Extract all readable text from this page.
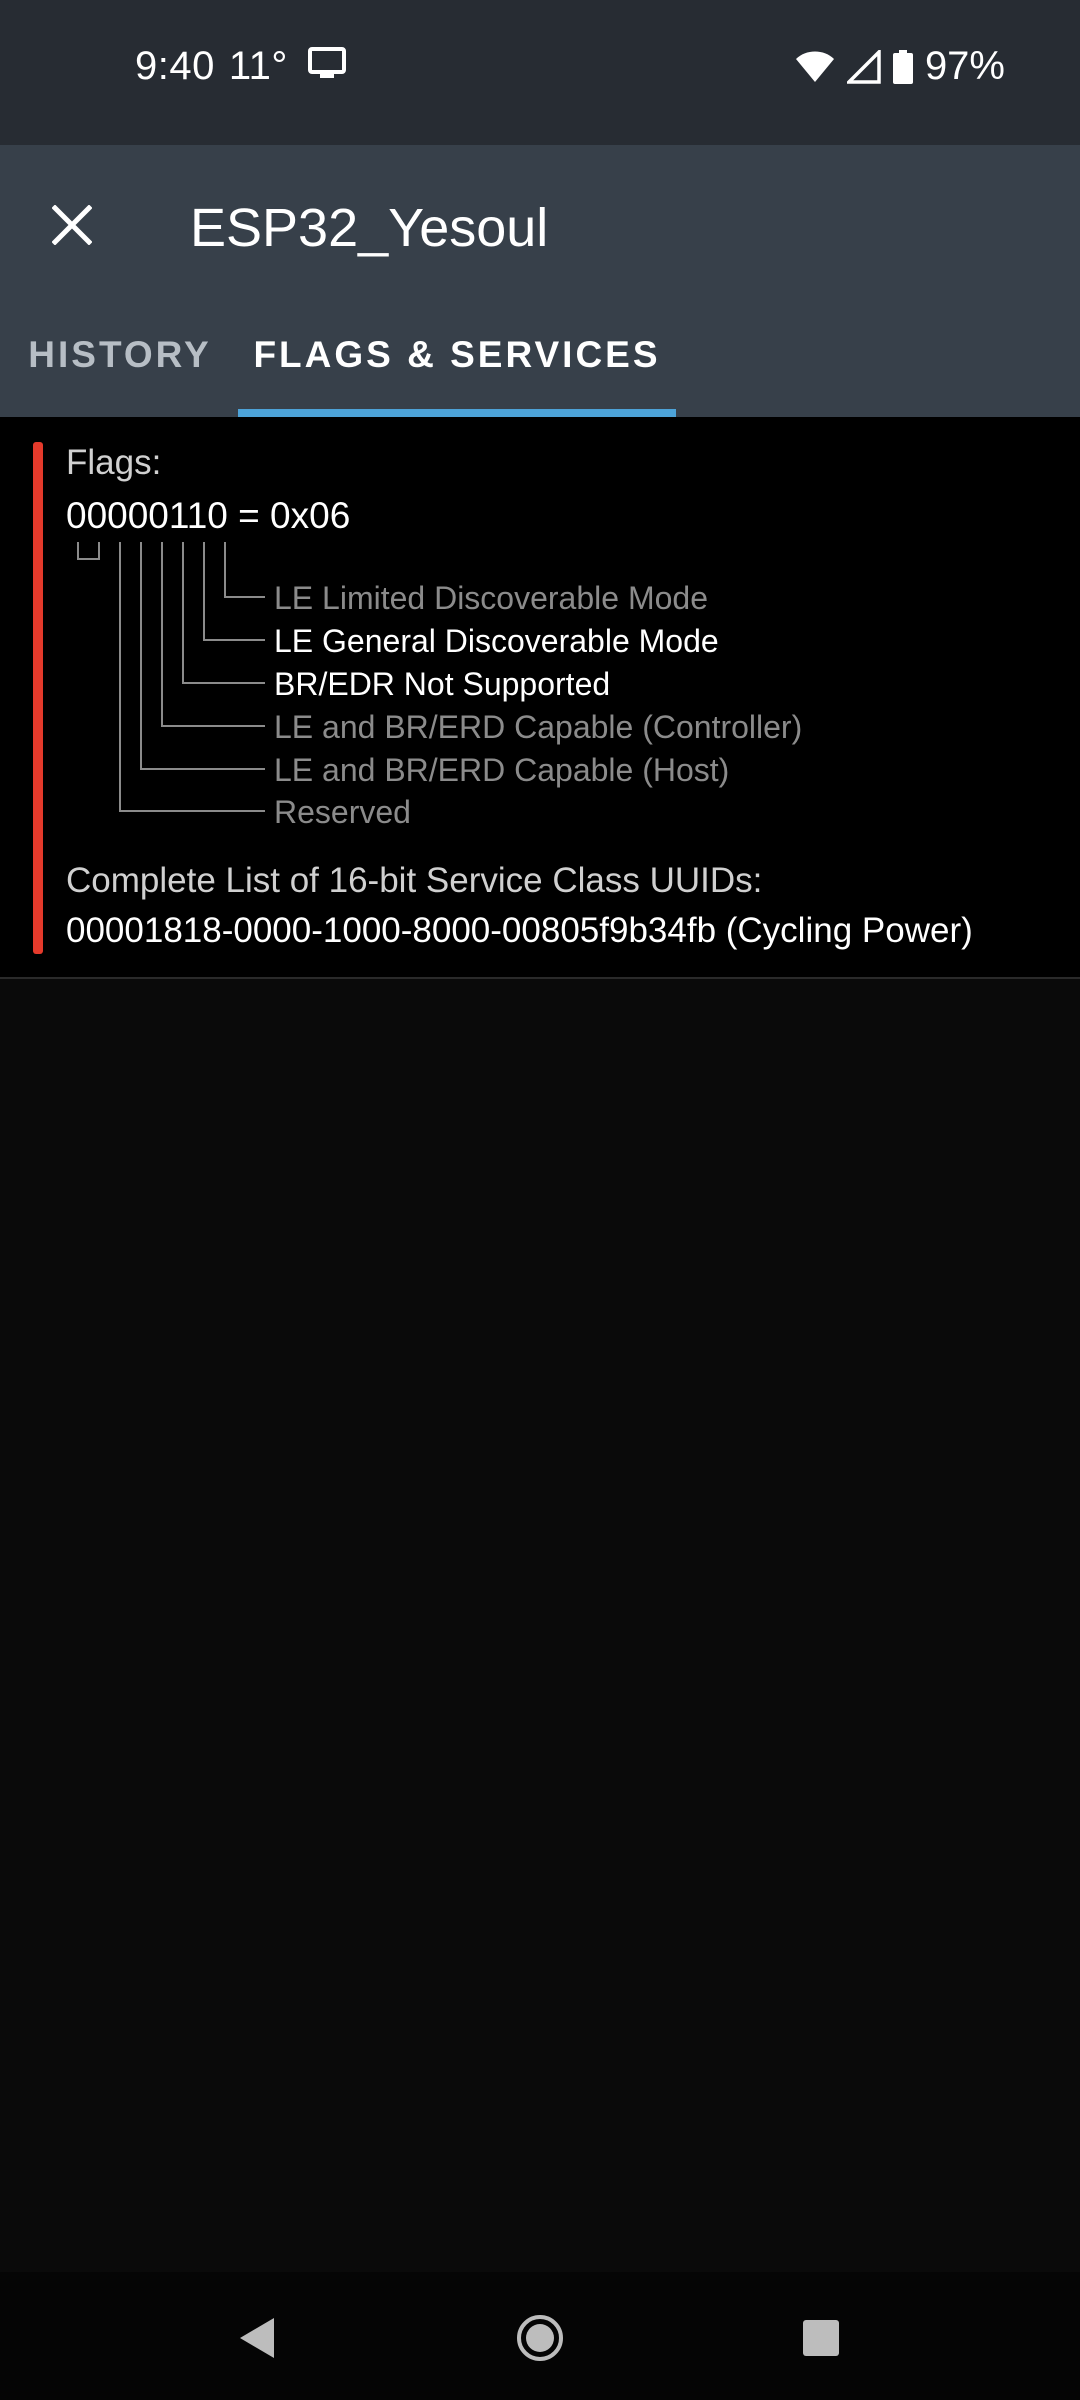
9:40 11°	97%
ESP32_Yesoul
HISTORY	FLAGS & SERVICES
Flags:
00000110 = 0x06
LE Limited Discoverable Mode
LE General Discoverable Mode
BR/EDR Not Supported
LE and BR/ERD Capable (Controller)
LE and BR/ERD Capable (Host)
Reserved
Complete List of 16-bit Service Class UUIDs:
00001818-0000-1000-8000-00805f9b34fb (Cycling Power)
